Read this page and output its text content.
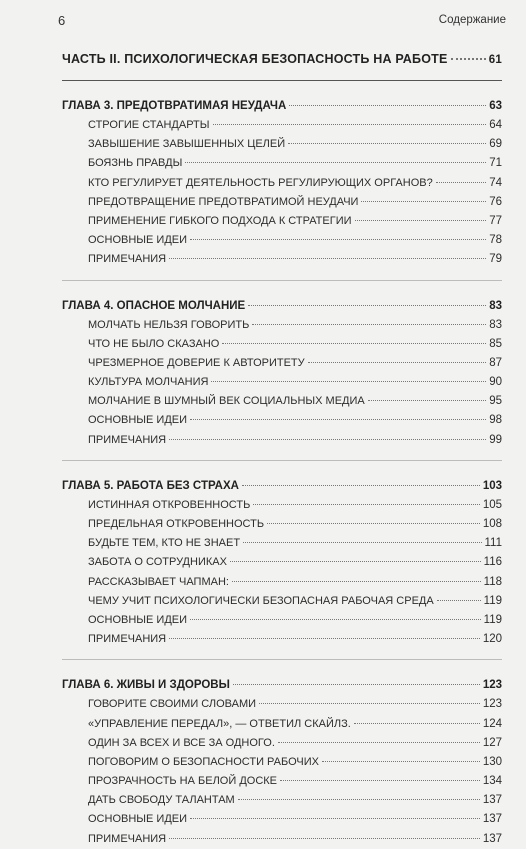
6	Содержание
ЧАСТЬ II. ПСИХОЛОГИЧЕСКАЯ БЕЗОПАСНОСТЬ НА РАБОТЕ	61
ГЛАВА 3. ПРЕДОТВРАТИМАЯ НЕУДАЧА	63
СТРОГИЕ СТАНДАРТЫ	64
ЗАВЫШЕНИЕ ЗАВЫШЕННЫХ ЦЕЛЕЙ	69
БОЯЗНЬ ПРАВДЫ	71
КТО РЕГУЛИРУЕТ ДЕЯТЕЛЬНОСТЬ РЕГУЛИРУЮЩИХ ОРГАНОВ?	74
ПРЕДОТВРАЩЕНИЕ ПРЕДОТВРАТИМОЙ НЕУДАЧИ	76
ПРИМЕНЕНИЕ ГИБКОГО ПОДХОДА К СТРАТЕГИИ	77
ОСНОВНЫЕ ИДЕИ	78
ПРИМЕЧАНИЯ	79
ГЛАВА 4. ОПАСНОЕ МОЛЧАНИЕ	83
МОЛЧАТЬ НЕЛЬЗЯ ГОВОРИТЬ	83
ЧТО НЕ БЫЛО СКАЗАНО	85
ЧРЕЗМЕРНОЕ ДОВЕРИЕ К АВТОРИТЕТУ	87
КУЛЬТУРА МОЛЧАНИЯ	90
МОЛЧАНИЕ В ШУМНЫЙ ВЕК СОЦИАЛЬНЫХ МЕДИА	95
ОСНОВНЫЕ ИДЕИ	98
ПРИМЕЧАНИЯ	99
ГЛАВА 5. РАБОТА БЕЗ СТРАХА	103
ИСТИННАЯ ОТКРОВЕННОСТЬ	105
ПРЕДЕЛЬНАЯ ОТКРОВЕННОСТЬ	108
БУДЬТЕ ТЕМ, КТО НЕ ЗНАЕТ	111
ЗАБОТА О СОТРУДНИКАХ	116
РАССКАЗЫВАЕТ ЧАПМАН:	118
ЧЕМУ УЧИТ ПСИХОЛОГИЧЕСКИ БЕЗОПАСНАЯ РАБОЧАЯ СРЕДА	119
ОСНОВНЫЕ ИДЕИ	119
ПРИМЕЧАНИЯ	120
ГЛАВА 6. ЖИВЫ И ЗДОРОВЫ	123
ГОВОРИТЕ СВОИМИ СЛОВАМИ	123
«УПРАВЛЕНИЕ ПЕРЕДАЛ», — ОТВЕТИЛ СКАЙЛЗ.	124
ОДИН ЗА ВСЕХ И ВСЕ ЗА ОДНОГО.	127
ПОГОВОРИМ О БЕЗОПАСНОСТИ РАБОЧИХ	130
ПРОЗРАЧНОСТЬ НА БЕЛОЙ ДОСКЕ	134
ДАТЬ СВОБОДУ ТАЛАНТАМ	137
ОСНОВНЫЕ ИДЕИ	137
ПРИМЕЧАНИЯ	137
